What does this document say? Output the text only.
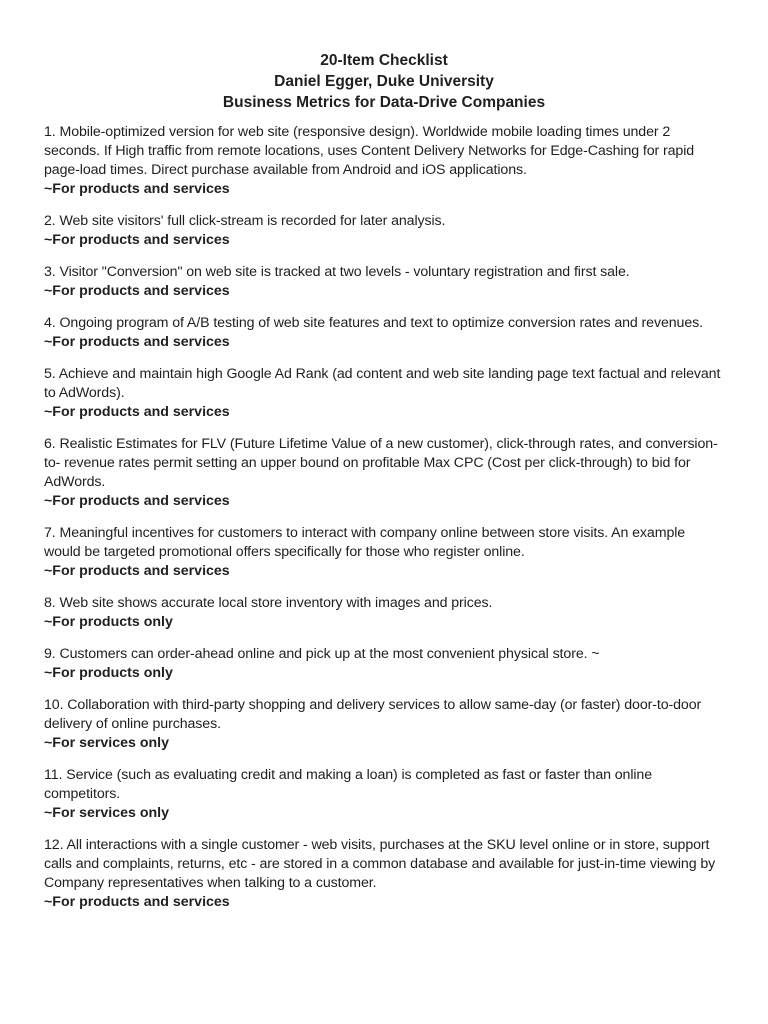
20-Item Checklist
Daniel Egger, Duke University
Business Metrics for Data-Drive Companies
1. Mobile-optimized version for web site (responsive design). Worldwide mobile loading times under 2 seconds. If High traffic from remote locations, uses Content Delivery Networks for Edge-Cashing for rapid page-load times. Direct purchase available from Android and iOS applications.
~For products and services
2. Web site visitors' full click-stream is recorded for later analysis.
~For products and services
3. Visitor "Conversion" on web site is tracked at two levels - voluntary registration and first sale.
~For products and services
4. Ongoing program of A/B testing of web site features and text to optimize conversion rates and revenues.
~For products and services
5. Achieve and maintain high Google Ad Rank (ad content and web site landing page text factual and relevant to AdWords).
~For products and services
6. Realistic Estimates for FLV (Future Lifetime Value of a new customer), click-through rates, and conversion-to- revenue rates permit setting an upper bound on profitable Max CPC (Cost per click-through) to bid for AdWords.
~For products and services
7. Meaningful incentives for customers to interact with company online between store visits. An example would be targeted promotional offers specifically for those who register online.
~For products and services
8. Web site shows accurate local store inventory with images and prices.
~For products only
9. Customers can order-ahead online and pick up at the most convenient physical store. ~
~For products only
10. Collaboration with third-party shopping and delivery services to allow same-day (or faster) door-to-door delivery of online purchases.
~For services only
11. Service (such as evaluating credit and making a loan) is completed as fast or faster than online competitors.
~For services only
12. All interactions with a single customer - web visits, purchases at the SKU level online or in store, support calls and complaints, returns, etc - are stored in a common database and available for just-in-time viewing by Company representatives when talking to a customer.
~For products and services
